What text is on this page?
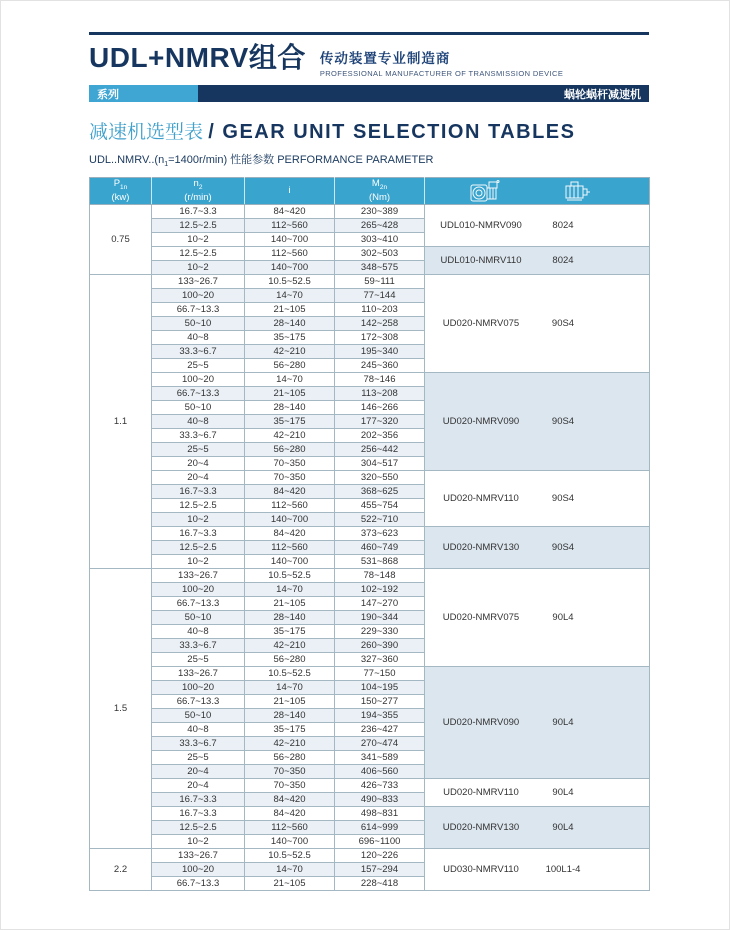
UDL+NMRV组合 传动装置专业制造商
PROFESSIONAL MANUFACTURER OF TRANSMISSION DEVICE
系列	蜗轮蜗杆减速机
减速机选型表 / GEAR UNIT SELECTION TABLES
$UDL..NMRV..(n_1=1400r/\min)$ 性能参数 PERFORMANCE PARAMETER
$P_{1n}$
(kw)	$n_2$
(r/min)	i	$M_{2n}$
(Nm)	

0.75	16.7~3.3	84~420	230~389	UDL010-NMRV090 8024

	12.5~2.5	112~560	265~428	
	10~2	140~700	303~410	
	12.5~2.5	112~560	302~503	UDL010-NMRV110 8024

	10~2	140~700	348~575	
1.1	133~26.7	10.5~52.5	59~111	UD020-NMRV075 90S4

	100~20	14~70	77~144	
	66.7~13.3	21~105	110~203	
	50~10	28~140	142~258	
	40~8	35~175	172~308	
	33.3~6.7	42~210	195~340	
	25~5	56~280	245~360	
	100~20	14~70	78~146	UD020-NMRV090 90S4

	66.7~13.3	21~105	113~208	
	50~10	28~140	146~266	
	40~8	35~175	177~320	
	33.3~6.7	42~210	202~356	
	25~5	56~280	256~442	
	20~4	70~350	304~517	
	20~4	70~350	320~550	UD020-NMRV110 90S4

	16.7~3.3	84~420	368~625	
	12.5~2.5	112~560	455~754	
	10~2	140~700	522~710	
	16.7~3.3	84~420	373~623	UD020-NMRV130 90S4

	12.5~2.5	112~560	460~749	
	10~2	140~700	531~868	
1.5	133~26.7	10.5~52.5	78~148	UD020-NMRV075 90L4

	100~20	14~70	102~192	
	66.7~13.3	21~105	147~270	
	50~10	28~140	190~344	
	40~8	35~175	229~330	
	33.3~6.7	42~210	260~390	
	25~5	56~280	327~360	
	133~26.7	10.5~52.5	77~150	UD020-NMRV090 90L4

	100~20	14~70	104~195	
	66.7~13.3	21~105	150~277	
	50~10	28~140	194~355	
	40~8	35~175	236~427	
	33.3~6.7	42~210	270~474	
	25~5	56~280	341~589	
	20~4	70~350	406~560	
	20~4	70~350	426~733	UD020-NMRV110 90L4

	16.7~3.3	84~420	490~833	
	16.7~3.3	84~420	498~831	UD020-NMRV130 90L4

	12.5~2.5	112~560	614~999	
	10~2	140~700	696~1100	
2.2	133~26.7	10.5~52.5	120~226	UD030-NMRV110 100L1-4

	100~20	14~70	157~294	
	66.7~13.3	21~105	228~418	
